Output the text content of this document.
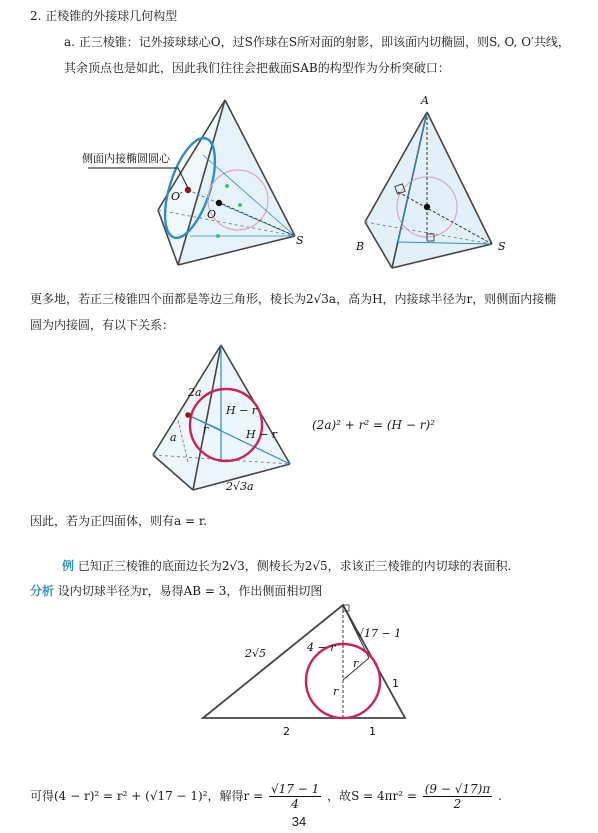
2. 正棱锥的外接球几何构型
a. 正三棱锥：记外接球球心O，过S作球在S所对面的射影，即该面内切椭圆，则S, O, O′共线，
其余顶点也是如此，因此我们往往会把截面SAB的构型作为分析突破口：
侧面内接椭圆圆心
O′
O
S
A
B	S
2a
a
r
H − r
H − r
2√3a
2√5	4 − r
√17 − 1
r
r
1
2	1
更多地，若正三棱锥四个面都是等边三角形，棱长为2√3a，高为H，内接球半径为r，则侧面内接椭
圆为内接圆，有以下关系：
(2a)² + r² = (H − r)²
因此，若为正四面体，则有a = r.
例 已知正三棱锥的底面边长为2√3，侧棱长为2√5，求该正三棱锥的内切球的表面积.
分析 设内切球半径为r，易得AB = 3，作出侧面相切图
可得(4 − r)² = r² + (√17 − 1)²，解得$r = \frac{√17 - 1}{4}$ ，故$S = 4\pi r^2 = \frac{(9 - √17)\pi}{2}$ .
34
